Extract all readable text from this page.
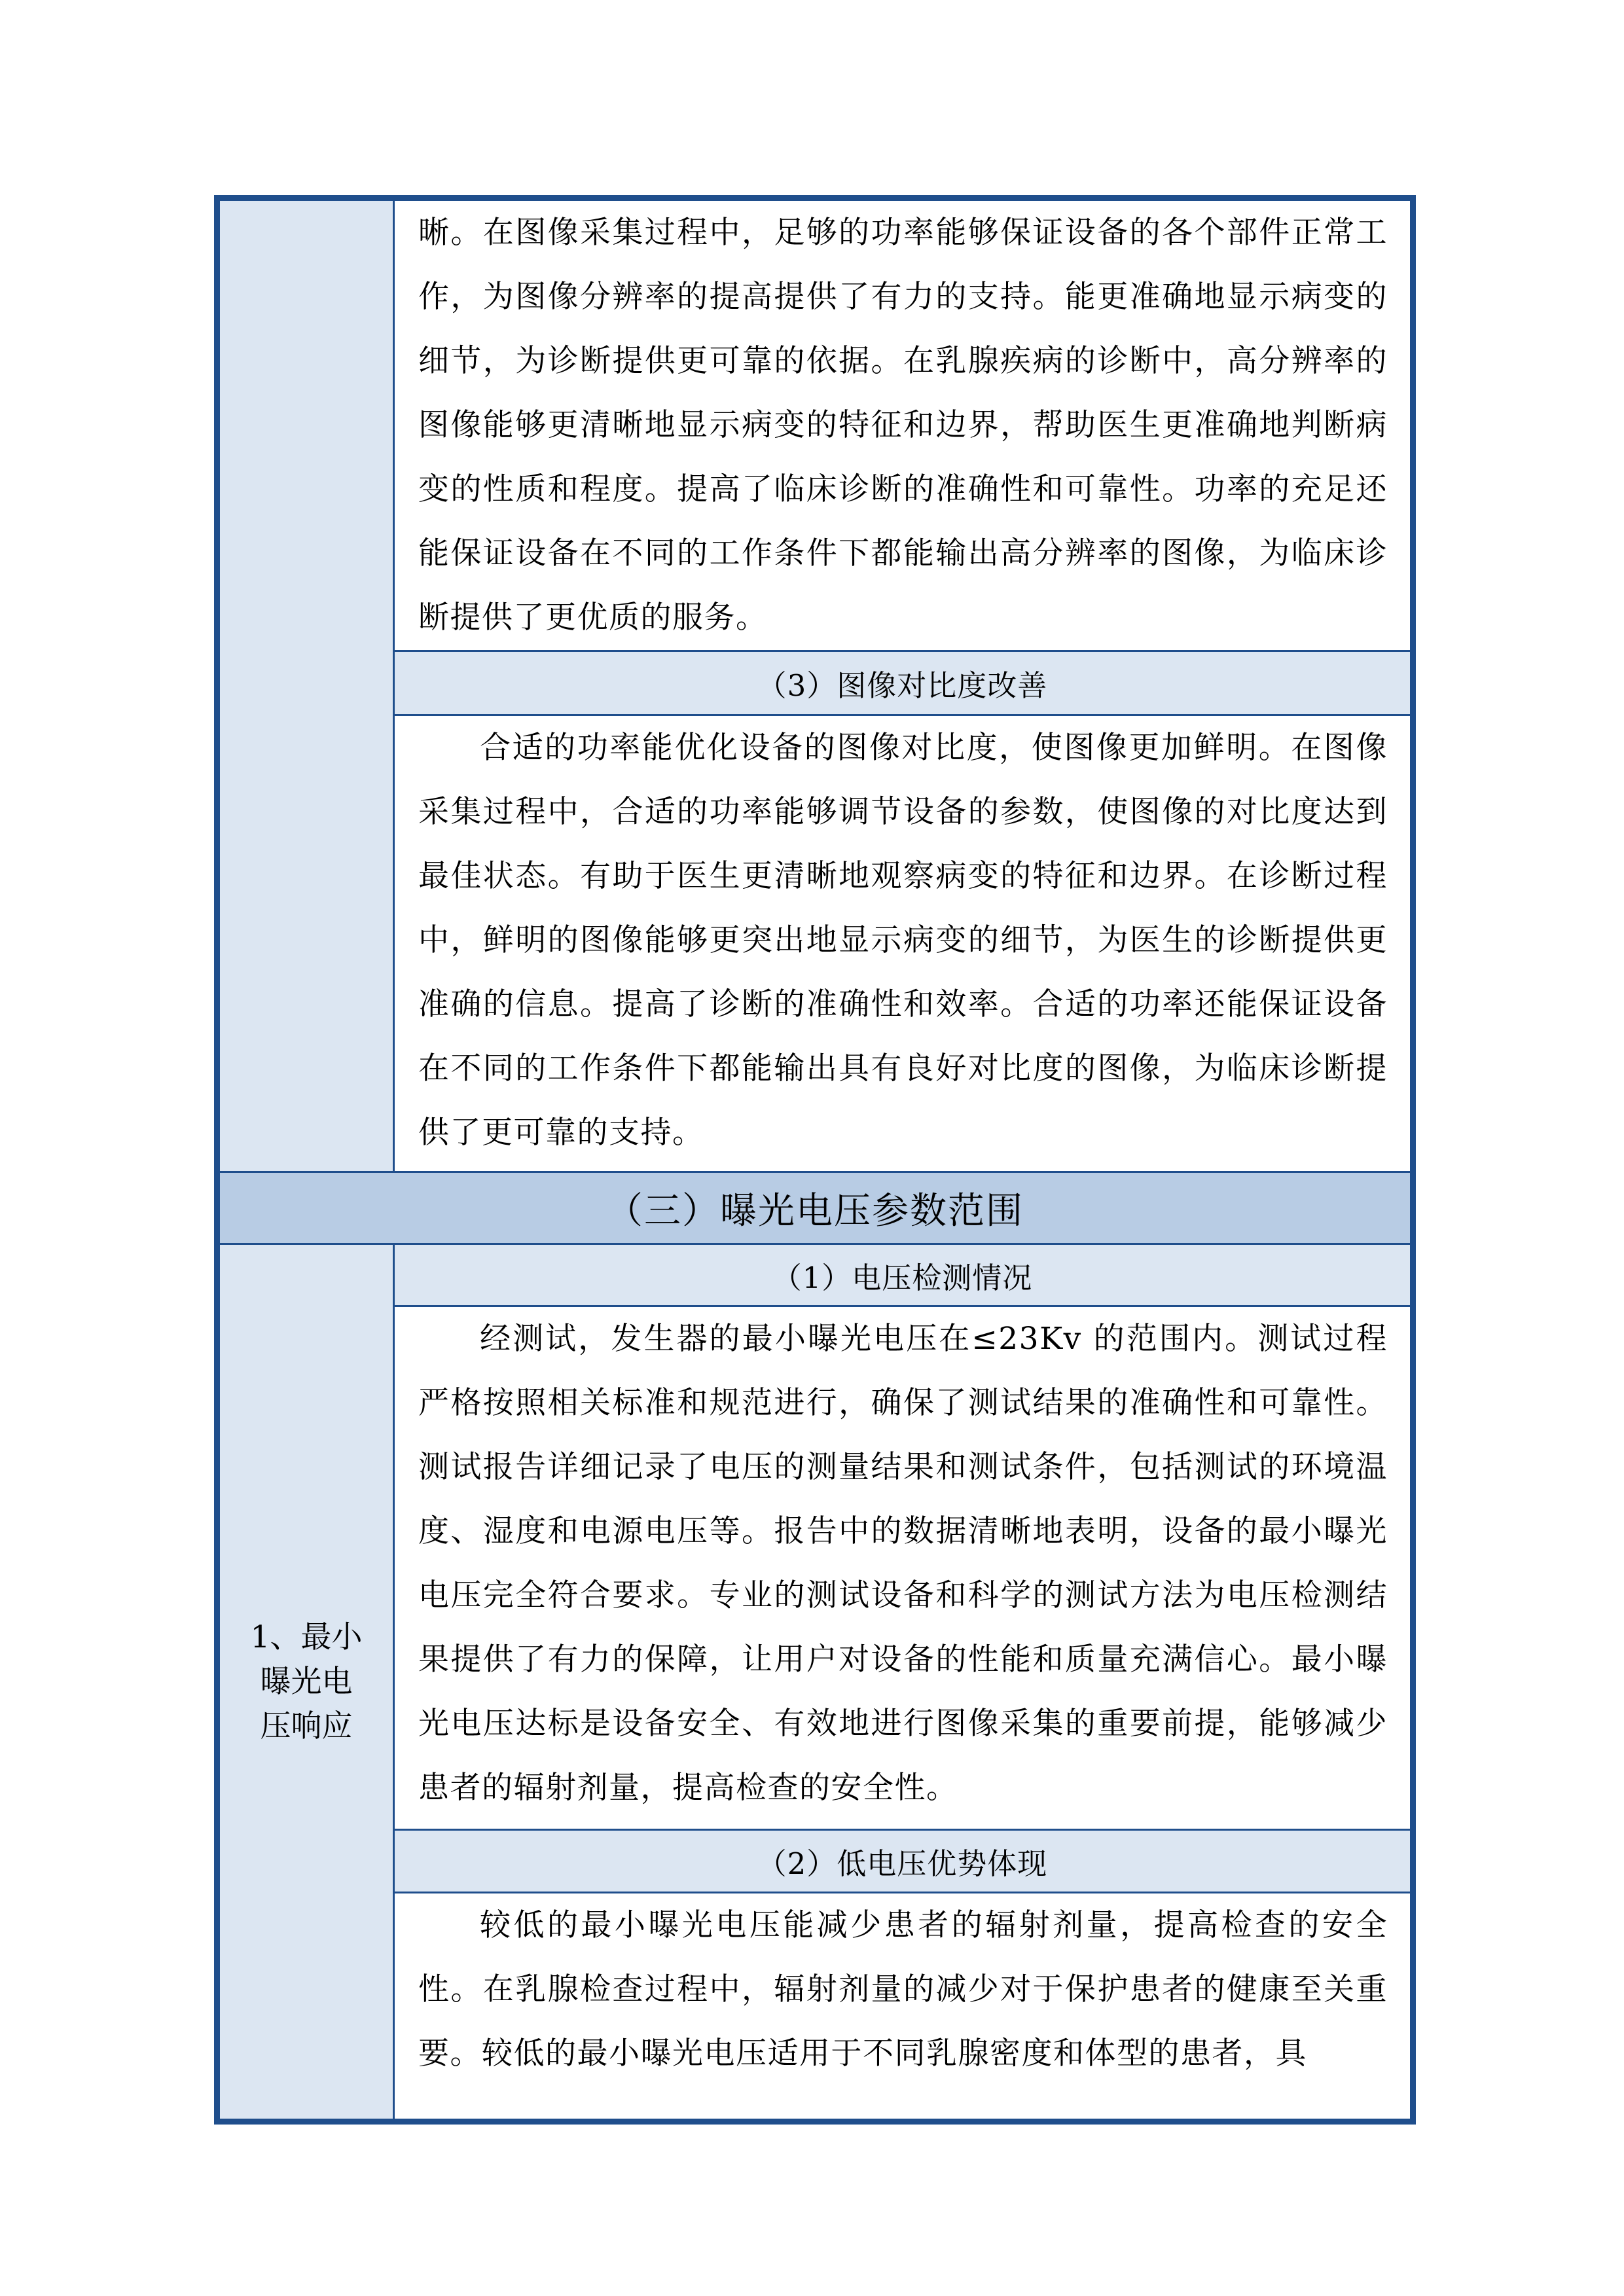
	晰。在图像采集过程中，足够的功率能够保证设备的各个部件正常工作，为图像分辨率的提高提供了有力的支持。能更准确地显示病变的细节，为诊断提供更可靠的依据。在乳腺疾病的诊断中，高分辨率的图像能够更清晰地显示病变的特征和边界，帮助医生更准确地判断病变的性质和程度。提高了临床诊断的准确性和可靠性。功率的充足还能保证设备在不同的工作条件下都能输出高分辨率的图像，为临床诊断提供了更优质的服务。

	（3）图像对比度改善

	合适的功率能优化设备的图像对比度，使图像更加鲜明。在图像采集过程中，合适的功率能够调节设备的参数，使图像的对比度达到最佳状态。有助于医生更清晰地观察病变的特征和边界。在诊断过程中，鲜明的图像能够更突出地显示病变的细节，为医生的诊断提供更准确的信息。提高了诊断的准确性和效率。合适的功率还能保证设备在不同的工作条件下都能输出具有良好对比度的图像，为临床诊断提供了更可靠的支持。

（三）曝光电压参数范围	

1、最小曝光电压响应	（1）电压检测情况

	经测试，发生器的最小曝光电压在≤23Kv 的范围内。测试过程严格按照相关标准和规范进行，确保了测试结果的准确性和可靠性。测试报告详细记录了电压的测量结果和测试条件，包括测试的环境温度、湿度和电源电压等。报告中的数据清晰地表明，设备的最小曝光电压完全符合要求。专业的测试设备和科学的测试方法为电压检测结果提供了有力的保障，让用户对设备的性能和质量充满信心。最小曝光电压达标是设备安全、有效地进行图像采集的重要前提，能够减少患者的辐射剂量，提高检查的安全性。

	（2）低电压优势体现

	较低的最小曝光电压能减少患者的辐射剂量，提高检查的安全性。在乳腺检查过程中，辐射剂量的减少对于保护患者的健康至关重要。较低的最小曝光电压适用于不同乳腺密度和体型的患者，具
